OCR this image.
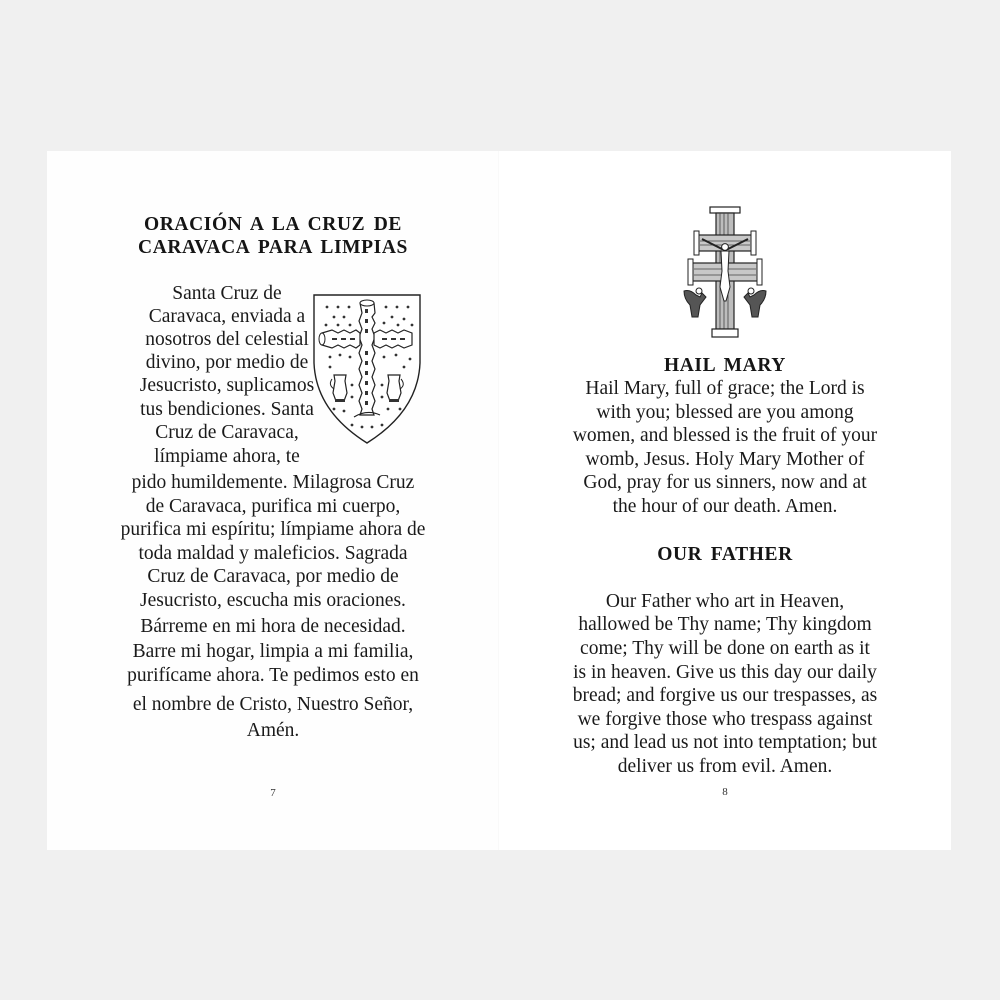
ORACIÓN A LA CRUZ DE
CARAVACA PARA LIMPIAS
Santa Cruz de
Caravaca, enviada a
nosotros del celestial
divino, por medio de
Jesucristo, suplicamos
tus bendiciones. Santa
Cruz de Caravaca,
límpiame ahora, te
pido humildemente. Milagrosa Cruz
de Caravaca, purifica mi cuerpo,
purifica mi espíritu; límpiame ahora de
toda maldad y maleficios. Sagrada
Cruz de Caravaca, por medio de
Jesucristo, escucha mis oraciones.
Bárreme en mi hora de necesidad.
Barre mi hogar, limpia a mi familia,
purifícame ahora. Te pedimos esto en
el nombre de Cristo, Nuestro Señor,
Amén.
7
HAIL MARY
Hail Mary, full of grace; the Lord is
with you; blessed are you among
women, and blessed is the fruit of your
womb, Jesus. Holy Mary Mother of
God, pray for us sinners, now and at
the hour of our death. Amen.
OUR FATHER
Our Father who art in Heaven,
hallowed be Thy name; Thy kingdom
come; Thy will be done on earth as it
is in heaven. Give us this day our daily
bread; and forgive us our trespasses, as
we forgive those who trespass against
us; and lead us not into temptation; but
deliver us from evil. Amen.
8
